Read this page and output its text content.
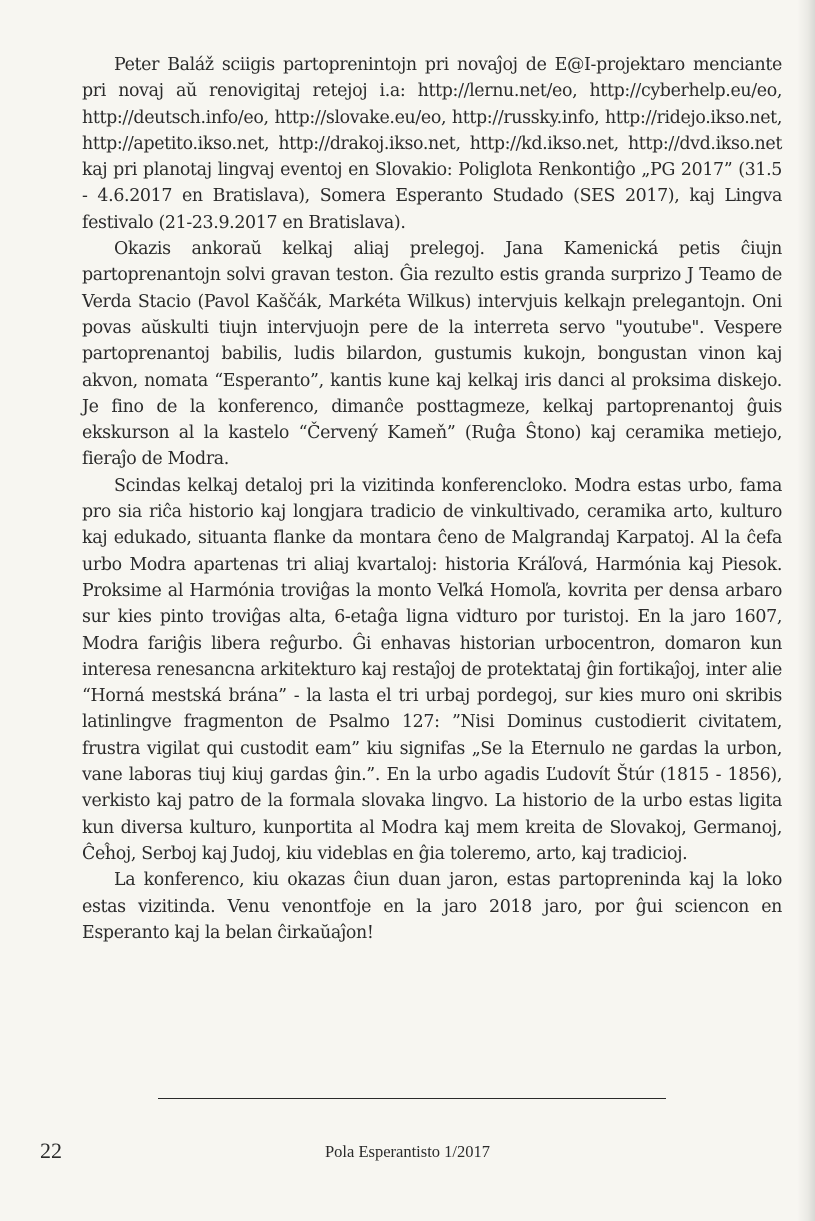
Peter Baláž sciigis partoprenintojn pri novaĵoj de E@I-projektaro menciante pri novaj aŭ renovigitaj retejoj i.a: http://lernu.net/eo, http://cyberhelp.eu/eo, http://deutsch.info/eo, http://slovake.eu/eo, http://russky.info, http://ridejo.ikso.net, http://apetito.ikso.net, http://drakoj.ikso.net, http://kd.ikso.net, http://dvd.ikso.net kaj pri planotaj lingvaj eventoj en Slovakio: Poliglota Renkontiĝo „PG 2017” (31.5 - 4.6.2017 en Bratislava), Somera Esperanto Studado (SES 2017), kaj Lingva festivalo (21-23.9.2017 en Bratislava).

Okazis ankoraŭ kelkaj aliaj prelegoj. Jana Kamenická petis ĉiujn partoprenantojn solvi gravan teston. Ĝia rezulto estis granda surprizo J Teamo de Verda Stacio (Pavol Kaščák, Markéta Wilkus) intervjuis kelkajn prelegantojn. Oni povas aŭskulti tiujn intervjuojn pere de la interreta servo "youtube". Vespere partoprenantoj babilis, ludis bilardon, gustumis kukojn, bongustan vinon kaj akvon, nomata “Esperanto”, kantis kune kaj kelkaj iris danci al proksima diskejo. Je fino de la konferenco, dimanĉe posttagmeze, kelkaj partoprenantoj ĝuis ekskurson al la kastelo “Červený Kameň” (Ruĝa Ŝtono) kaj ceramika metiejo, fieraĵo de Modra.

Scindas kelkaj detaloj pri la vizitinda konferencloko. Modra estas urbo, fama pro sia riĉa historio kaj longjara tradicio de vinkultivado, ceramika arto, kulturo kaj edukado, situanta flanke da montara ĉeno de Malgrandaj Karpatoj. Al la ĉefa urbo Modra apartenas tri aliaj kvartaloj: historia Kráľová, Harmónia kaj Piesok. Proksime al Harmónia troviĝas la monto Veľká Homoľa, kovrita per densa arbaro sur kies pinto troviĝas alta, 6-etaĝa ligna vidturo por turistoj. En la jaro 1607, Modra fariĝis libera reĝurbo. Ĝi enhavas historian urbocentron, domaron kun interesa renesancna arkitekturo kaj restaĵoj de protektataj ĝin fortikaĵoj, inter alie “Horná mestská brána” - la lasta el tri urbaj pordegoj, sur kies muro oni skribis latinlingve fragmenton de Psalmo 127: ”Nisi Dominus custodierit civitatem, frustra vigilat qui custodit eam” kiu signifas „Se la Eternulo ne gardas la urbon, vane laboras tiuj kiuj gardas ĝin.”. En la urbo agadis Ľudovít Štúr (1815 - 1856), verkisto kaj patro de la formala slovaka lingvo. La historio de la urbo estas ligita kun diversa kulturo, kunportita al Modra kaj mem kreita de Slovakoj, Germanoj, Ĉeĥoj, Serboj kaj Judoj, kiu videblas en ĝia toleremo, arto, kaj tradicioj.

La konferenco, kiu okazas ĉiun duan jaron, estas partopreninda kaj la loko estas vizitinda. Venu venontfoje en la jaro 2018 jaro, por ĝui sciencon en Esperanto kaj la belan ĉirkaŭaĵon!

22	Pola Esperantisto 1/2017
